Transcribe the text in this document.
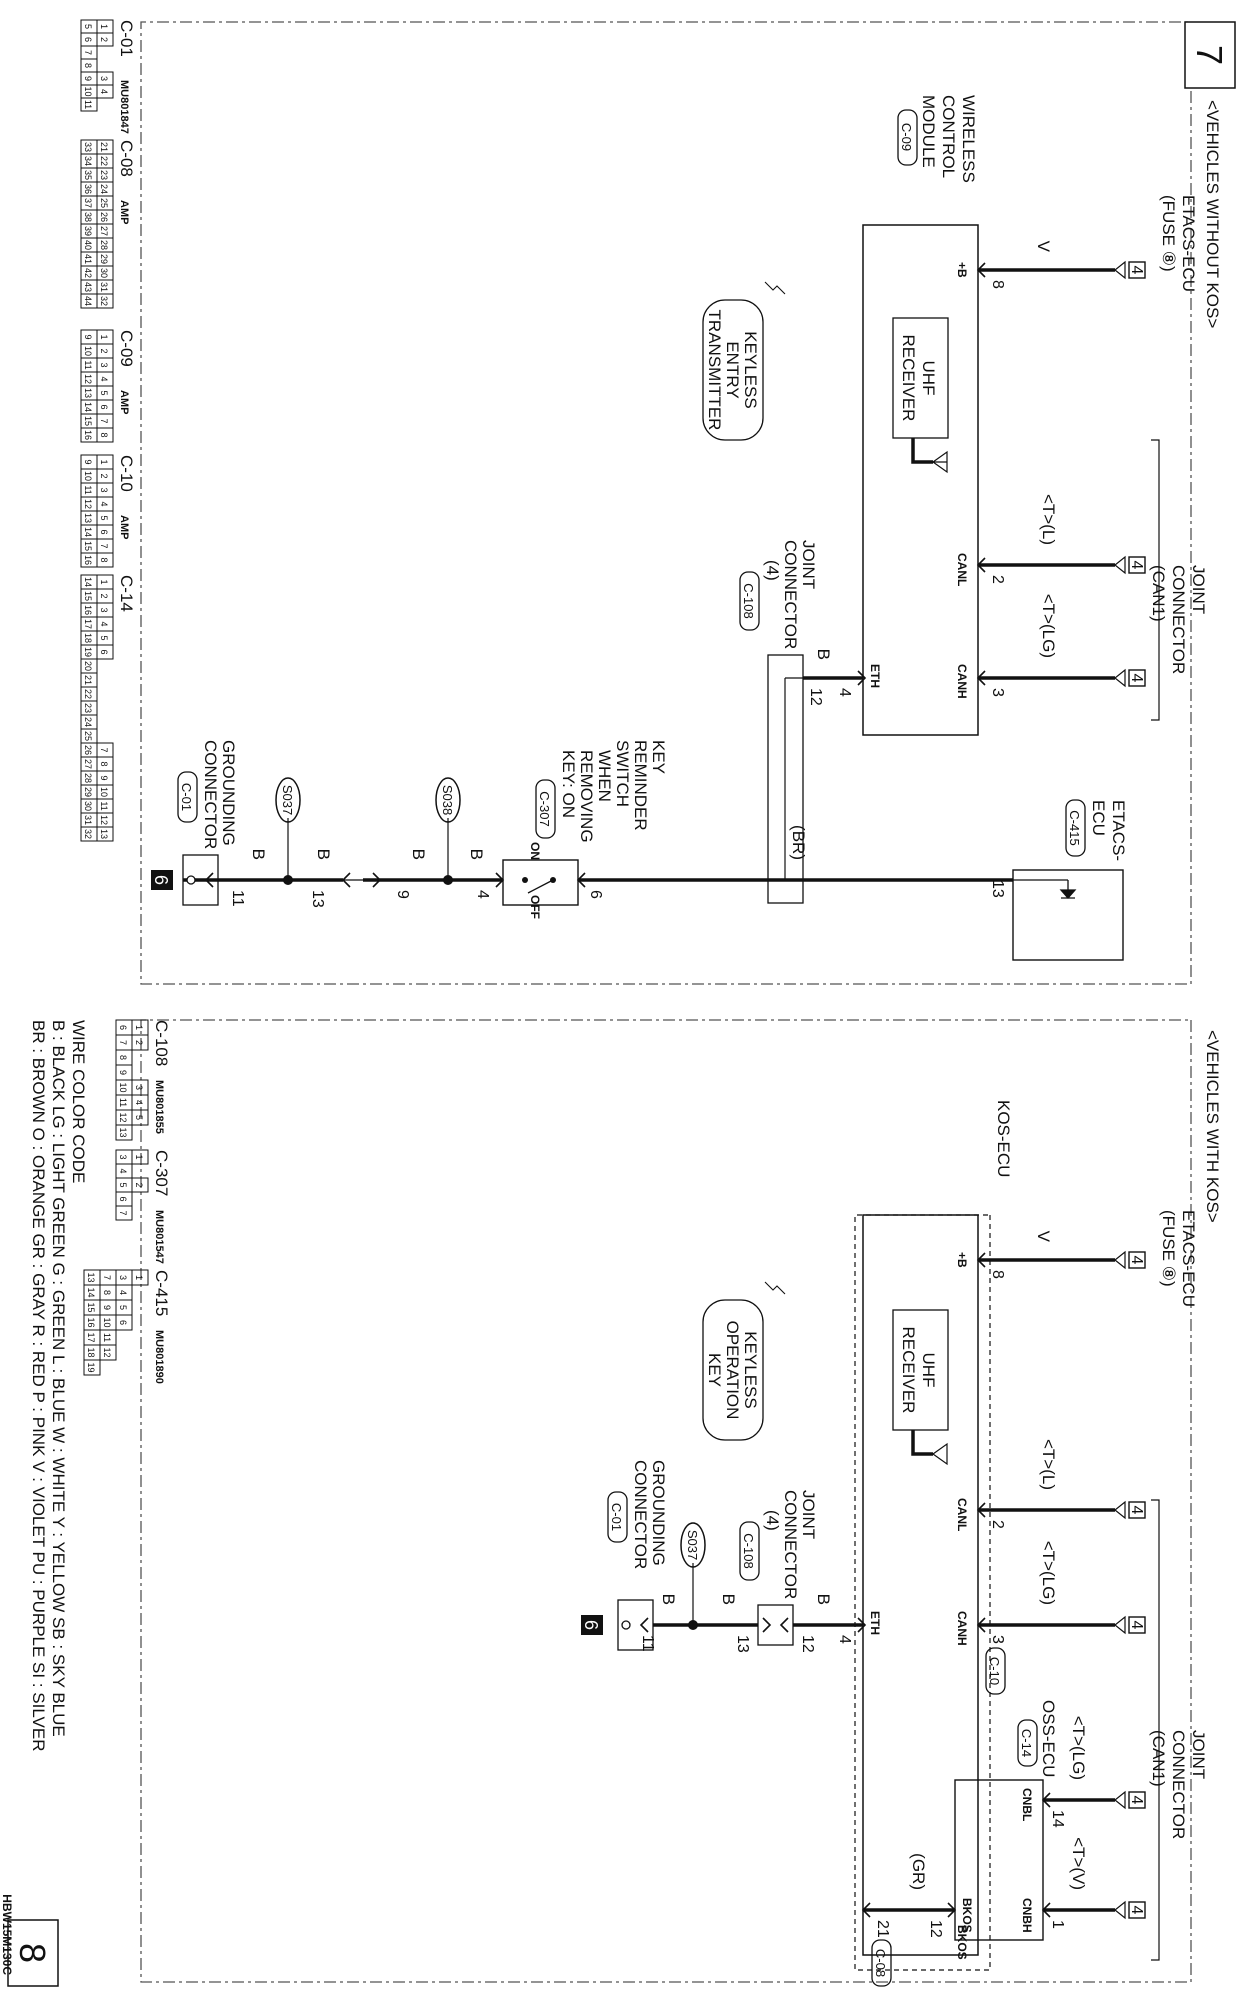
7
<VEHICLES WITHOUT KOS>
ETACS-ECU
(FUSE ⑧)
JOINT
CONNECTOR
(CAN1)
4
4
4
V
<T>(L)
<T>(LG)
8
2
3
+B
CANL
CANH
ETH
UHF
RECEIVER
WIRELESS
CONTROL
MODULE
C-09
KEYLESS
ENTRY
TRANSMITTER
4
B
12
JOINT
CONNECTOR
(4)
C-108
ETACS-
ECU
C-415
13
(BR)
6
ON
OFF
KEY
REMINDER
SWITCH
WHEN
REMOVING
KEY: ON
C-307
4
B
S038
B
9
13
B
S037
B
11
GROUNDING
CONNECTOR
C-01
6
8
<VEHICLES WITH KOS>
ETACS-ECU
(FUSE ⑧)
JOINT
CONNECTOR
(CAN1)
4
4
4
4
4
V
<T>(L)
<T>(LG)
<T>(LG)
<T>(V)
KOS-ECU
8
2
3
C-10
+B
CANL
CANH
ETH
BKOS
UHF
RECEIVER
OSS-ECU
C-14
14
1
CNBL
CNBH
BKOS
(GR)
12
21
C-08
KEYLESS
OPERATION
KEY
4
B
12
13
JOINT
CONNECTOR
(4)
C-108
B
S037
B
11
GROUNDING
CONNECTOR
C-01
6
C-01
MU801847
1
2
3
4
5
6
7
8
9
10
11
C-08
AMP
21
22
23
24
25
26
27
28
29
30
31
32
33
34
35
36
37
38
39
40
41
42
43
44
C-09
AMP
1
2
3
4
5
6
7
8
9
10
11
12
13
14
15
16
C-10
AMP
1
2
3
4
5
6
7
8
9
10
11
12
13
14
15
16
C-14
1
2
3
4
5
6
7
8
9
10
11
12
13
14
15
16
17
18
19
20
21
22
23
24
25
26
27
28
29
30
31
32
C-108
MU801855
1
2
3
4
5
6
7
8
9
10
11
12
13
C-307
MU801547
1
2
3
4
5
6
7
C-415
MU801890
1
3
4
5
6
7
8
9
10
11
12
13
14
15
16
17
18
19
WIRE COLOR CODE
B : BLACK LG : LIGHT GREEN G : GREEN L : BLUE W : WHITE Y : YELLOW SB : SKY BLUE
BR : BROWN O : ORANGE GR : GRAY R : RED P : PINK V : VIOLET PU : PURPLE SI : SILVER
HBW15M130C
